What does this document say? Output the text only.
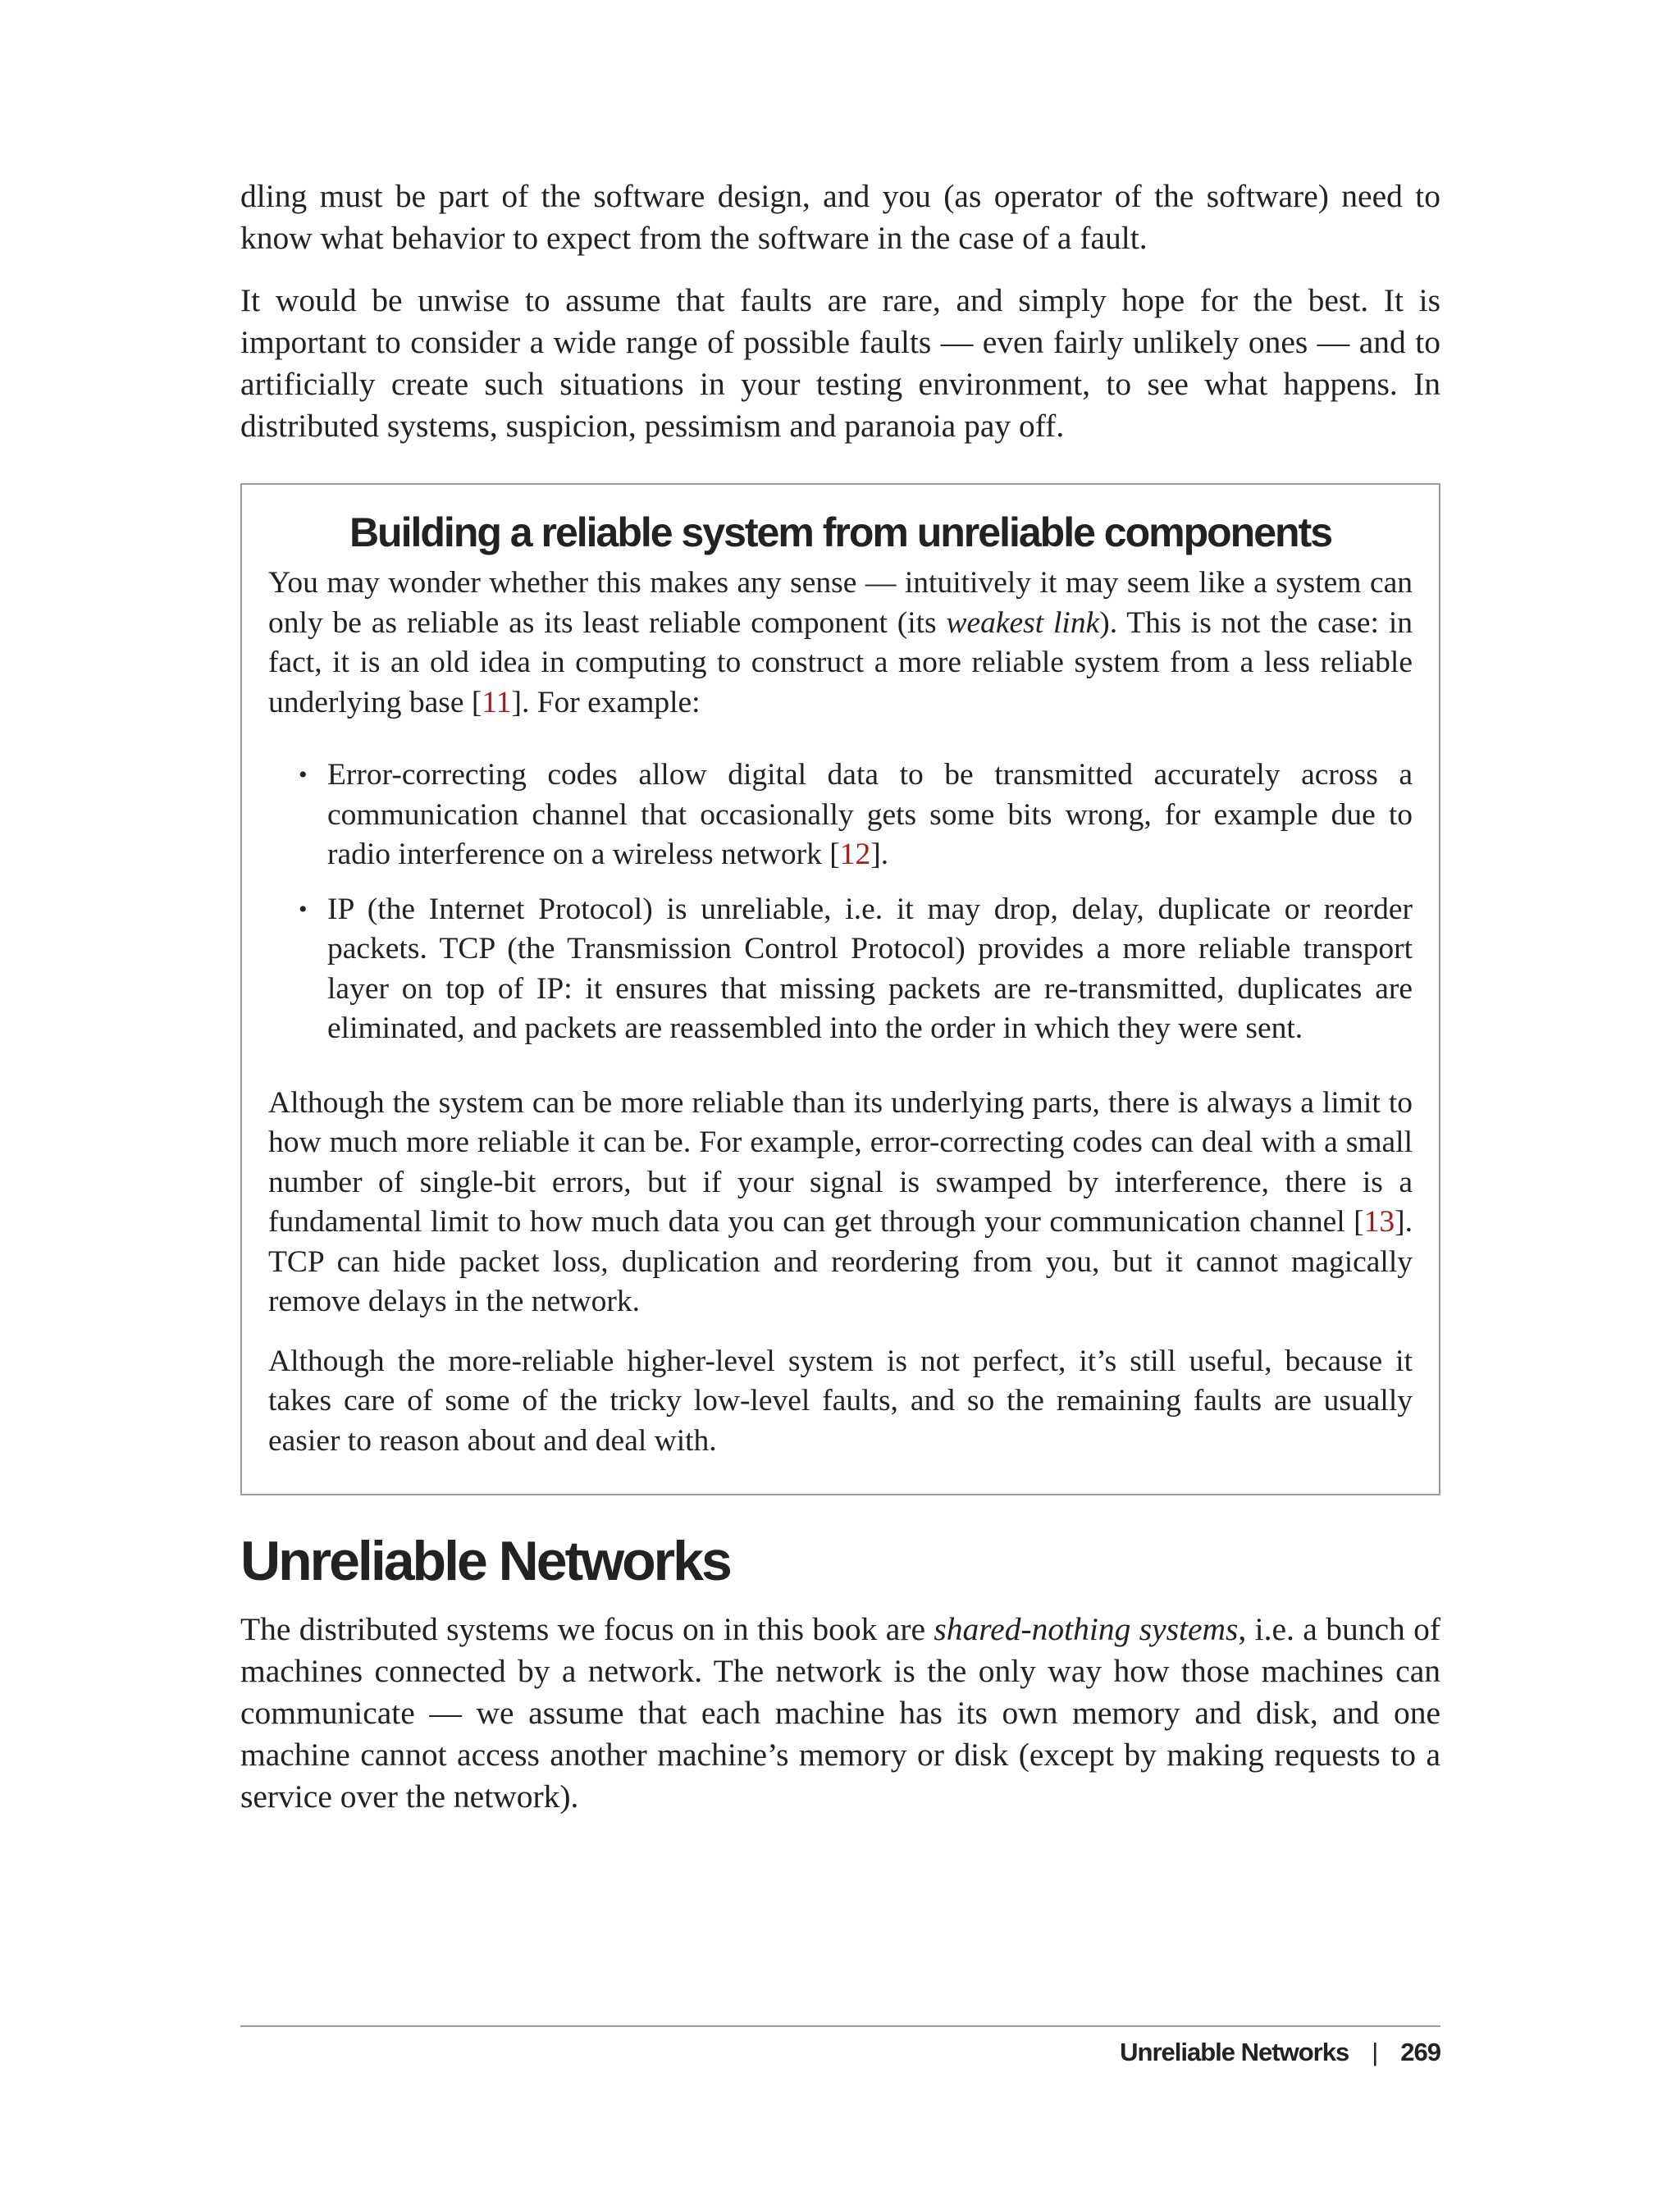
dling must be part of the software design, and you (as operator of the software) need to know what behavior to expect from the software in the case of a fault.

It would be unwise to assume that faults are rare, and simply hope for the best. It is important to consider a wide range of possible faults — even fairly unlikely ones — and to artificially create such situations in your testing environment, to see what happens. In distributed systems, suspicion, pessimism and paranoia pay off.

Building a reliable system from unreliable components

You may wonder whether this makes any sense — intuitively it may seem like a system can only be as reliable as its least reliable component (its weakest link). This is not the case: in fact, it is an old idea in computing to construct a more reliable system from a less reliable underlying base [11]. For example:

• Error-correcting codes allow digital data to be transmitted accurately across a communication channel that occasionally gets some bits wrong, for example due to radio interference on a wireless network [12].
• IP (the Internet Protocol) is unreliable, i.e. it may drop, delay, duplicate or reorder packets. TCP (the Transmission Control Protocol) provides a more reliable transport layer on top of IP: it ensures that missing packets are re-transmitted, duplicates are eliminated, and packets are reassembled into the order in which they were sent.

Although the system can be more reliable than its underlying parts, there is always a limit to how much more reliable it can be. For example, error-correcting codes can deal with a small number of single-bit errors, but if your signal is swamped by interference, there is a fundamental limit to how much data you can get through your communication channel [13]. TCP can hide packet loss, duplication and reordering from you, but it cannot magically remove delays in the network.

Although the more-reliable higher-level system is not perfect, it’s still useful, because it takes care of some of the tricky low-level faults, and so the remaining faults are usually easier to reason about and deal with.

Unreliable Networks

The distributed systems we focus on in this book are shared-nothing systems, i.e. a bunch of machines connected by a network. The network is the only way how those machines can communicate — we assume that each machine has its own memory and disk, and one machine cannot access another machine’s memory or disk (except by making requests to a service over the network).

Unreliable Networks | 269
